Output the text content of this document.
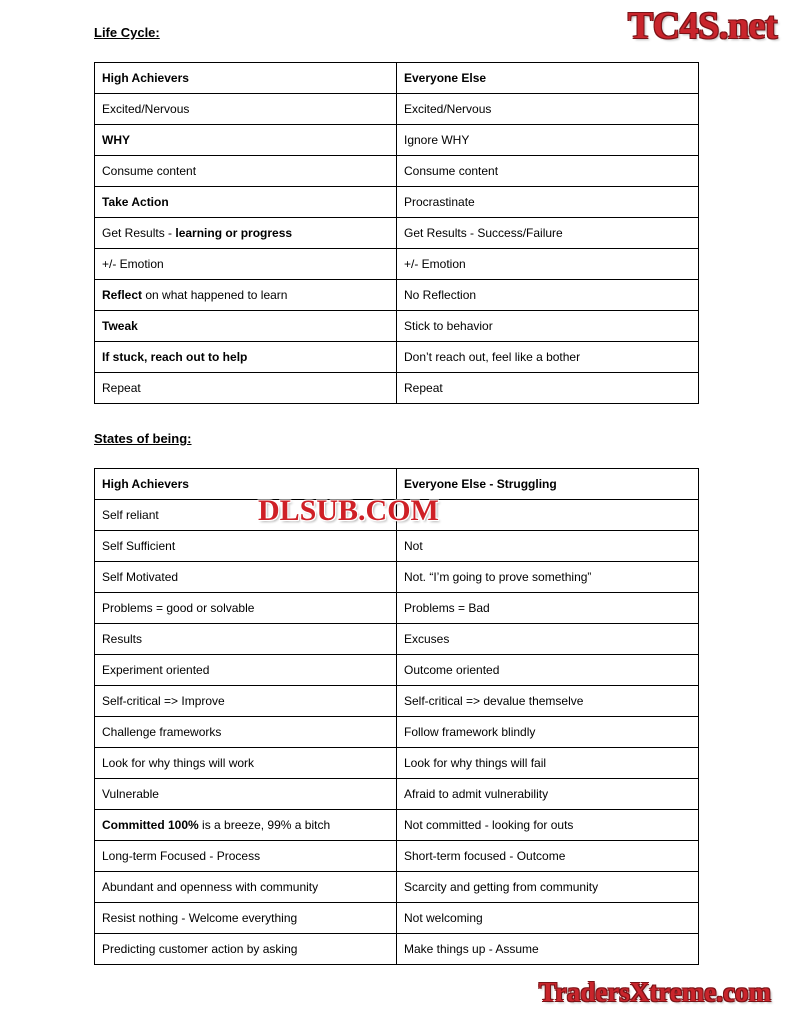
TC4S.net
Life Cycle:
High Achievers	Everyone Else
Excited/Nervous	Excited/Nervous
WHY	Ignore WHY
Consume content	Consume content
Take Action	Procrastinate
Get Results - learning or progress	Get Results - Success/Failure
+/- Emotion	+/- Emotion
Reflect on what happened to learn	No Reflection
Tweak	Stick to behavior
If stuck, reach out to help	Don’t reach out, feel like a bother
Repeat	Repeat
States of being:
High Achievers	Everyone Else - Struggling
Self reliant	
Self Sufficient	Not
Self Motivated	Not. “I’m going to prove something”
Problems = good or solvable	Problems = Bad
Results	Excuses
Experiment oriented	Outcome oriented
Self-critical => Improve	Self-critical => devalue themselve
Challenge frameworks	Follow framework blindly
Look for why things will work	Look for why things will fail
Vulnerable	Afraid to admit vulnerability
Committed 100% is a breeze, 99% a bitch	Not committed - looking for outs
Long-term Focused - Process	Short-term focused - Outcome
Abundant and openness with community	Scarcity and getting from community
Resist nothing - Welcome everything	Not welcoming
Predicting customer action by asking	Make things up - Assume
DLSUB.COM
TradersXtreme.com
